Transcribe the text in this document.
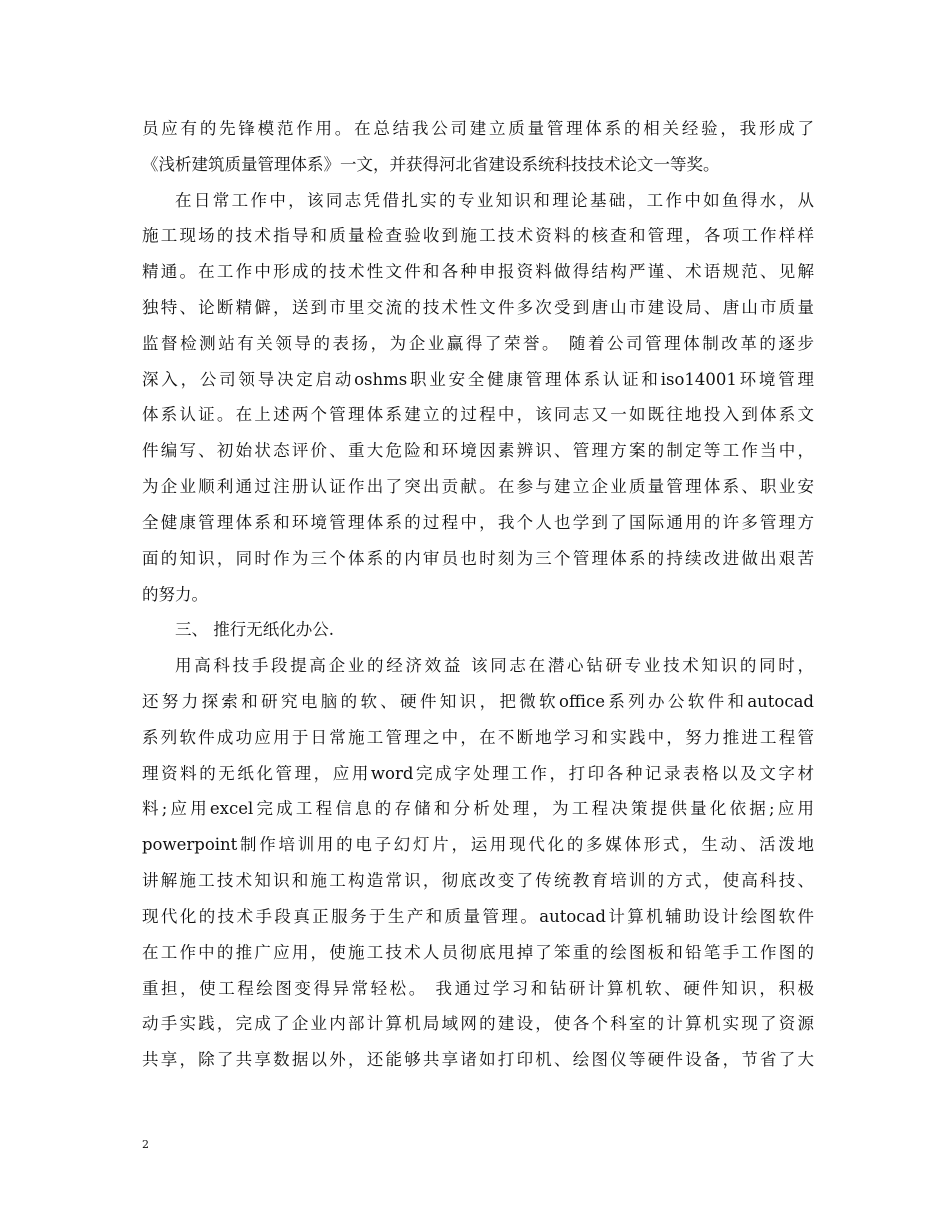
员应有的先锋模范作用。在总结我公司建立质量管理体系的相关经验，我形成了
《浅析建筑质量管理体系》一文，并获得河北省建设系统科技技术论文一等奖。
在日常工作中，该同志凭借扎实的专业知识和理论基础，工作中如鱼得水，从
施工现场的技术指导和质量检查验收到施工技术资料的核查和管理，各项工作样样
精通。在工作中形成的技术性文件和各种申报资料做得结构严谨、术语规范、见解
独特、论断精僻，送到市里交流的技术性文件多次受到唐山市建设局、唐山市质量
监督检测站有关领导的表扬，为企业赢得了荣誉。 随着公司管理体制改革的逐步
深入，公司领导决定启动oshms职业安全健康管理体系认证和iso14001环境管理
体系认证。在上述两个管理体系建立的过程中，该同志又一如既往地投入到体系文
件编写、初始状态评价、重大危险和环境因素辨识、管理方案的制定等工作当中，
为企业顺利通过注册认证作出了突出贡献。在参与建立企业质量管理体系、职业安
全健康管理体系和环境管理体系的过程中，我个人也学到了国际通用的许多管理方
面的知识，同时作为三个体系的内审员也时刻为三个管理体系的持续改进做出艰苦
的努力。
三、 推行无纸化办公.
用高科技手段提高企业的经济效益 该同志在潜心钻研专业技术知识的同时，
还努力探索和研究电脑的软、硬件知识，把微软office系列办公软件和autocad
系列软件成功应用于日常施工管理之中，在不断地学习和实践中，努力推进工程管
理资料的无纸化管理，应用word完成字处理工作，打印各种记录表格以及文字材
料;应用excel完成工程信息的存储和分析处理，为工程决策提供量化依据;应用
powerpoint制作培训用的电子幻灯片，运用现代化的多媒体形式，生动、活泼地
讲解施工技术知识和施工构造常识，彻底改变了传统教育培训的方式，使高科技、
现代化的技术手段真正服务于生产和质量管理。autocad计算机辅助设计绘图软件
在工作中的推广应用，使施工技术人员彻底甩掉了笨重的绘图板和铅笔手工作图的
重担，使工程绘图变得异常轻松。 我通过学习和钻研计算机软、硬件知识，积极
动手实践，完成了企业内部计算机局域网的建设，使各个科室的计算机实现了资源
共享，除了共享数据以外，还能够共享诸如打印机、绘图仪等硬件设备，节省了大
2
